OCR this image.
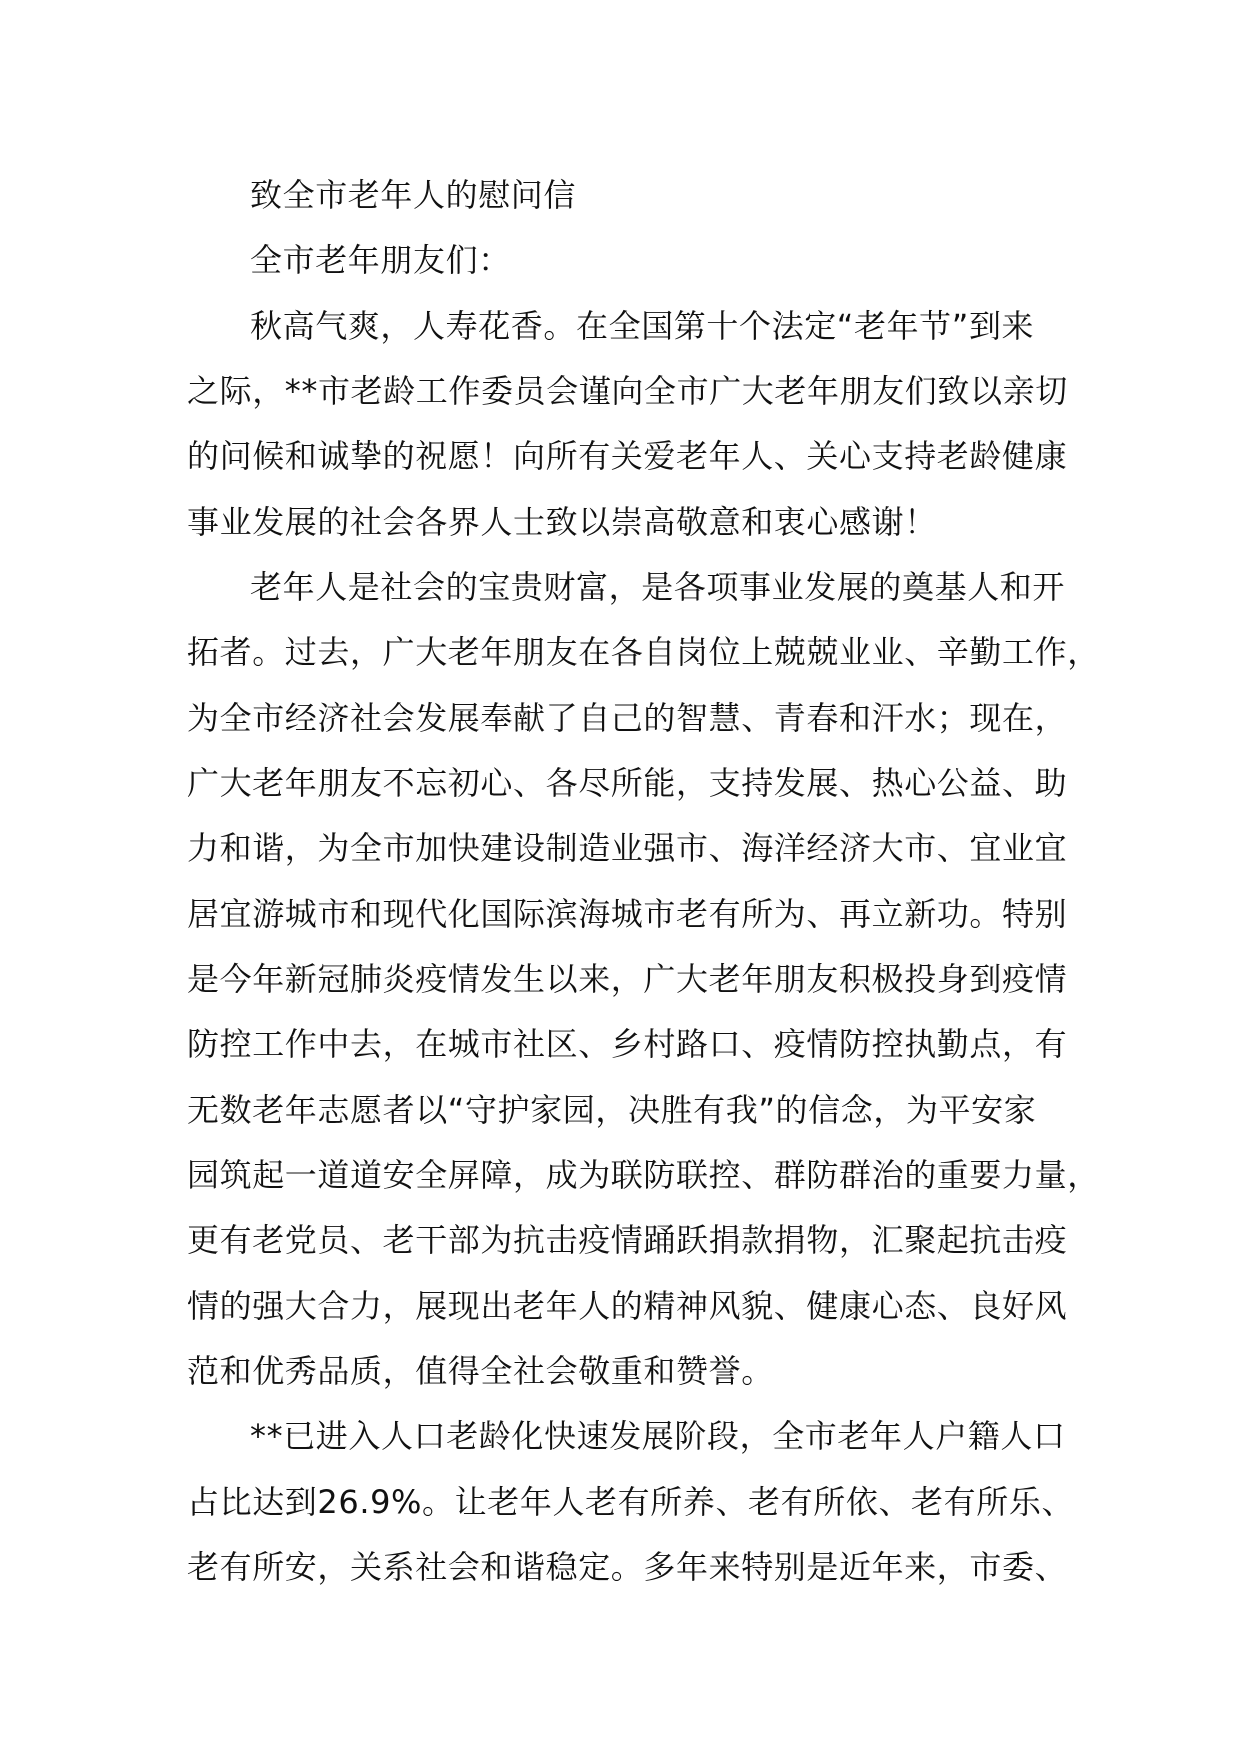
致全市老年人的慰问信
全市老年朋友们：
秋高气爽，人寿花香。在全国第十个法定“老年节”到来
之际，**市老龄工作委员会谨向全市广大老年朋友们致以亲切
的问候和诚挚的祝愿！向所有关爱老年人、关心支持老龄健康
事业发展的社会各界人士致以崇高敬意和衷心感谢！
老年人是社会的宝贵财富，是各项事业发展的奠基人和开
拓者。过去，广大老年朋友在各自岗位上兢兢业业、辛勤工作，
为全市经济社会发展奉献了自己的智慧、青春和汗水；现在，
广大老年朋友不忘初心、各尽所能，支持发展、热心公益、助
力和谐，为全市加快建设制造业强市、海洋经济大市、宜业宜
居宜游城市和现代化国际滨海城市老有所为、再立新功。特别
是今年新冠肺炎疫情发生以来，广大老年朋友积极投身到疫情
防控工作中去，在城市社区、乡村路口、疫情防控执勤点，有
无数老年志愿者以“守护家园，决胜有我”的信念，为平安家
园筑起一道道安全屏障，成为联防联控、群防群治的重要力量，
更有老党员、老干部为抗击疫情踊跃捐款捐物，汇聚起抗击疫
情的强大合力，展现出老年人的精神风貌、健康心态、良好风
范和优秀品质，值得全社会敬重和赞誉。
**已进入人口老龄化快速发展阶段，全市老年人户籍人口
占比达到26.9%。让老年人老有所养、老有所依、老有所乐、
老有所安，关系社会和谐稳定。多年来特别是近年来，市委、
